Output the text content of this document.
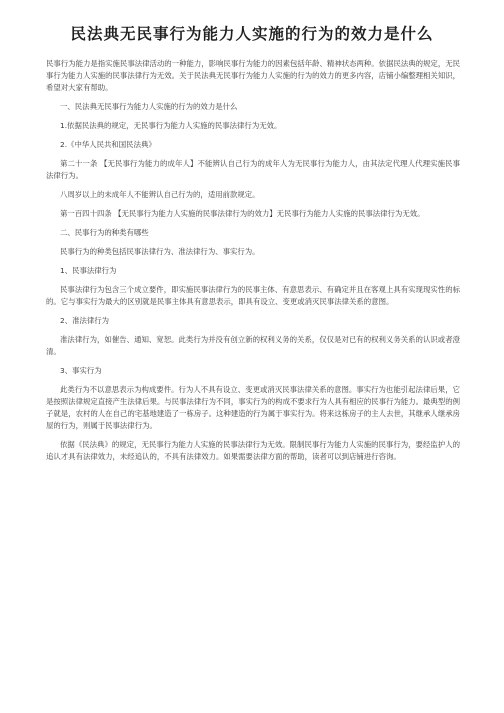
民法典无民事行为能力人实施的行为的效力是什么

民事行为能力是指实施民事法律活动的一种能力，影响民事行为能力的因素包括年龄、精神状态两种。依据民法典的规定，无民事行为能力人实施的民事法律行为无效。关于民法典无民事行为能力人实施的行为的效力的更多内容，店铺小编整理相关知识，希望对大家有帮助。

一、民法典无民事行为能力人实施的行为的效力是什么

1.依据民法典的规定，无民事行为能力人实施的民事法律行为无效。

2.《中华人民共和国民法典》

第二十一条 【无民事行为能力的成年人】不能辨认自己行为的成年人为无民事行为能力人，由其法定代理人代理实施民事法律行为。

八周岁以上的未成年人不能辨认自己行为的，适用前款规定。

第一百四十四条 【无民事行为能力人实施的民事法律行为的效力】无民事行为能力人实施的民事法律行为无效。

二、民事行为的种类有哪些

民事行为的种类包括民事法律行为、准法律行为、事实行为。

1、民事法律行为

民事法律行为包含三个成立要件，即实施民事法律行为的民事主体、有意思表示、有确定并且在客观上具有实现现实性的标的。它与事实行为最大的区别就是民事主体具有意思表示，即具有设立、变更或消灭民事法律关系的意图。

2、准法律行为

准法律行为，如催告、通知、宽恕。此类行为并没有创立新的权利义务的关系，仅仅是对已有的权利义务关系的认识或者澄清。

3、事实行为

此类行为不以意思表示为构成要件。行为人不具有设立、变更或消灭民事法律关系的意图。事实行为也能引起法律后果，它是按照法律规定直接产生法律后果。与民事法律行为不同，事实行为的构成不要求行为人具有相应的民事行为能力。最典型的例子就是，农村的人在自己的宅基地建造了一栋房子。这种建造的行为属于事实行为。将来这栋房子的主人去世，其继承人继承房屋的行为，则属于民事法律行为。

依据《民法典》的规定，无民事行为能力人实施的民事法律行为无效。限制民事行为能力人实施的民事行为，要经监护人的追认才具有法律效力，未经追认的，不具有法律效力。如果需要法律方面的帮助，读者可以到店铺进行咨询。
